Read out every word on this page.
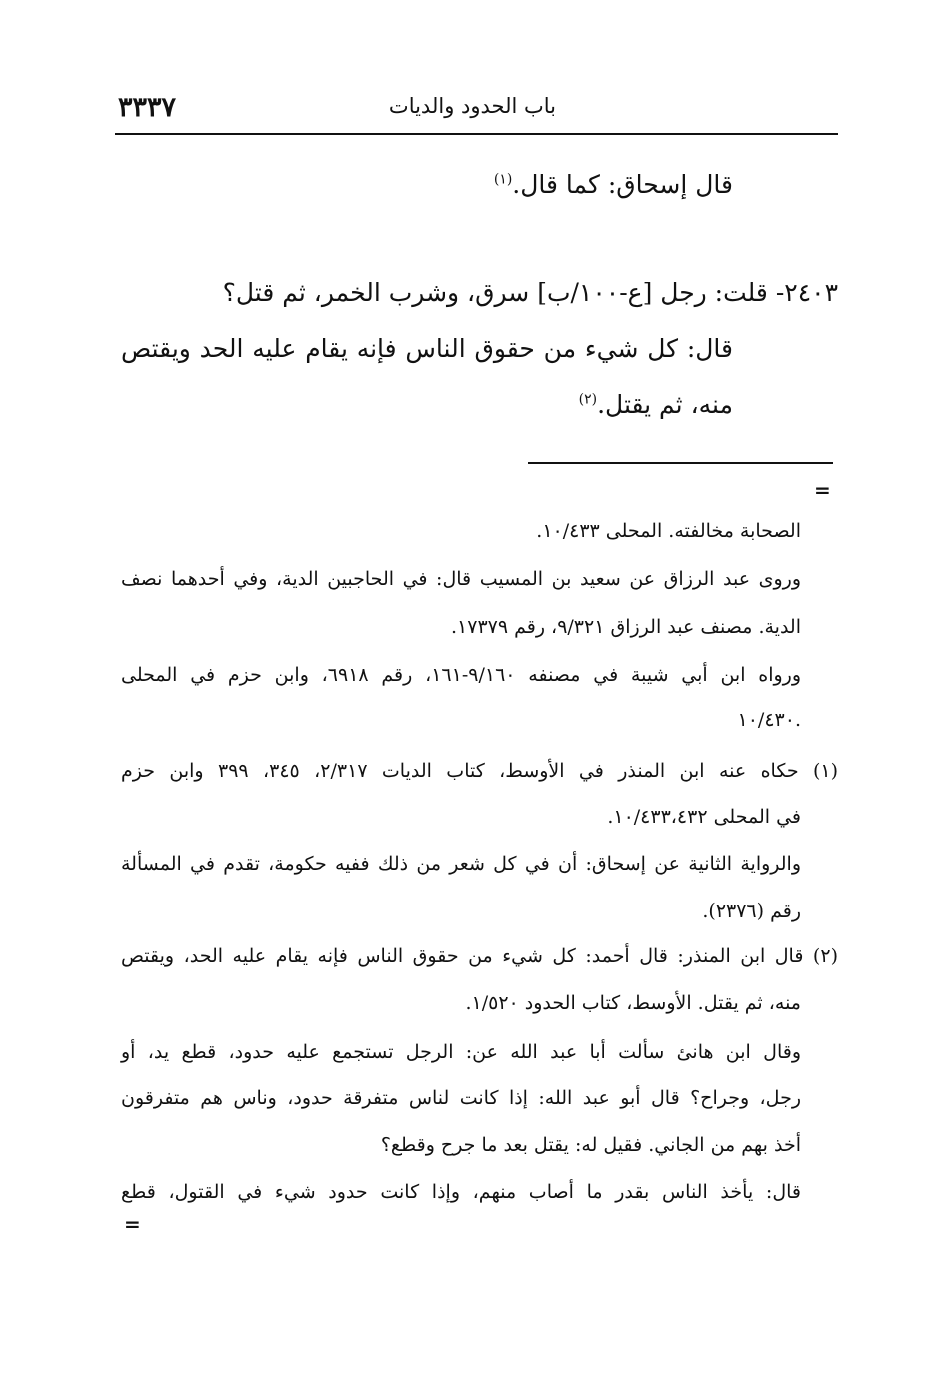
٣٣٣٧	باب الحدود والديات
قال إسحاق: كما قال.$^{(١)}$
٢٤٠٣- قلت: رجل [ع-١٠٠/ب] سرق، وشرب الخمر، ثم قتل؟
قال: كل شيء من حقوق الناس فإنه يقام عليه الحد ويقتص
منه، ثم يقتل.$^{(٢)}$
=
الصحابة مخالفته. المحلى ١٠/٤٣٣.
وروى عبد الرزاق عن سعيد بن المسيب قال: في الحاجبين الدية، وفي أحدهما نصف
الدية. مصنف عبد الرزاق ٩/٣٢١، رقم ١٧٣٧٩.
ورواه ابن أبي شيبة في مصنفه ٩/١٦٠-١٦١، رقم ٦٩١٨، وابن حزم في المحلى
١٠/٤٣٠.
(١) حكاه عنه ابن المنذر في الأوسط، كتاب الديات ٢/٣١٧، ٣٤٥، ٣٩٩ وابن حزم
في المحلى ١٠/٤٣٣،٤٣٢.
والرواية الثانية عن إسحاق: أن في كل شعر من ذلك ففيه حكومة، تقدم في المسألة
رقم (٢٣٧٦).
(٢) قال ابن المنذر: قال أحمد: كل شيء من حقوق الناس فإنه يقام عليه الحد، ويقتص
منه، ثم يقتل. الأوسط، كتاب الحدود ١/٥٢٠.
وقال ابن هانئ سألت أبا عبد الله عن: الرجل تستجمع عليه حدود، قطع يد، أو
رجل، وجراح؟ قال أبو عبد الله: إذا كانت لناس متفرقة حدود، وناس هم متفرقون
أخذ بهم من الجاني. فقيل له: يقتل بعد ما جرح وقطع؟
قال: يأخذ الناس بقدر ما أصاب منهم، وإذا كانت حدود شيء في القتول، قطع
=
